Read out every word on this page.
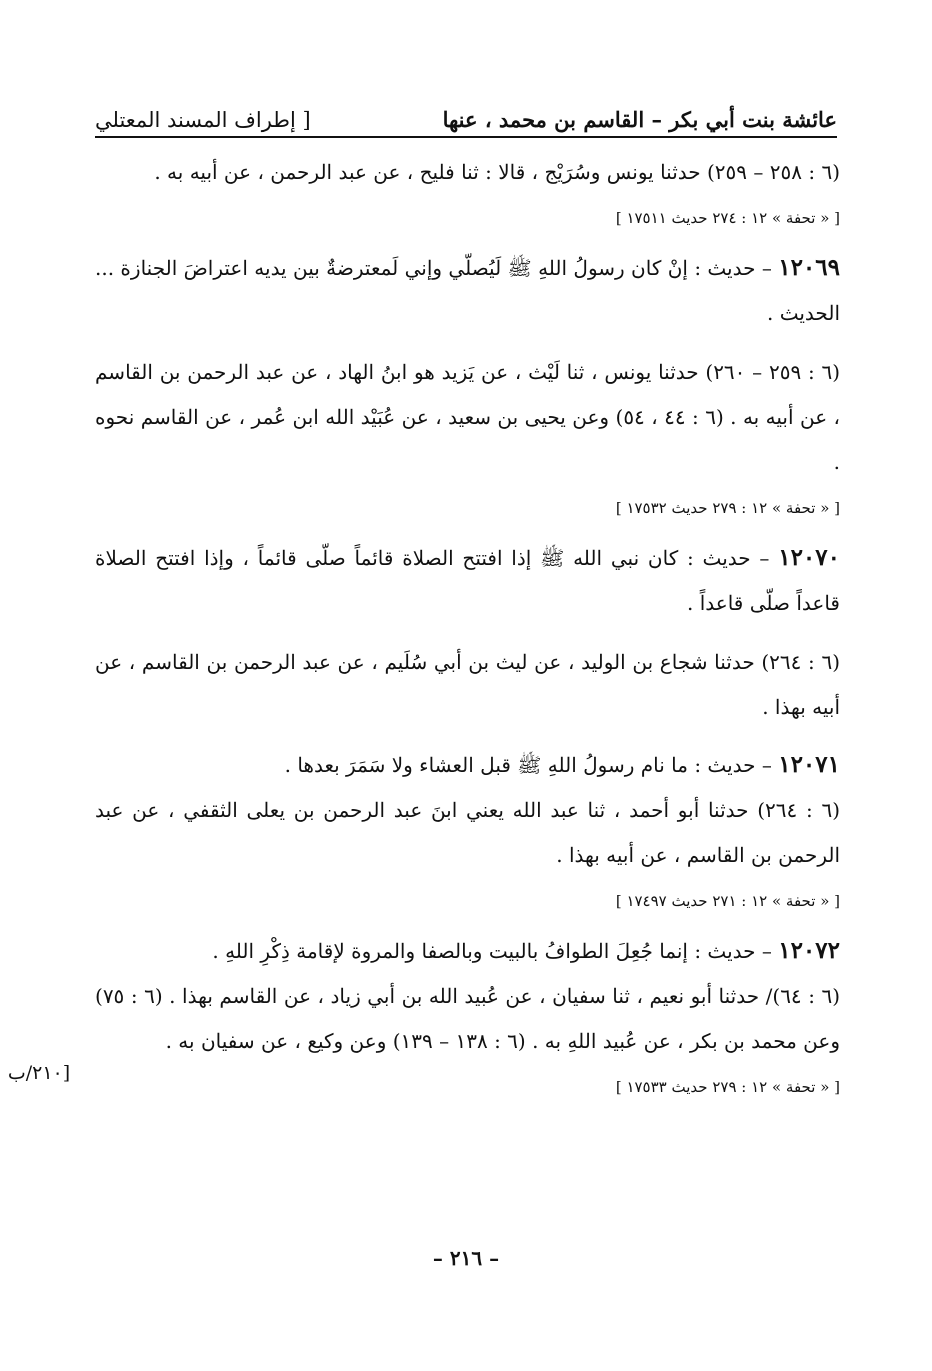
عائشة بنت أبي بكر – القاسم بن محمد ، عنها
[ إطراف المسند المعتلي

(٦ : ٢٥٨ – ٢٥٩) حدثنا يونس وسُرَيْج ، قالا : ثنا فليح ، عن عبد الرحمن ، عن أبيه به .

[ « تحفة » ١٢ : ٢٧٤ حديث ١٧٥١١ ]

١٢٠٦٩ – حديث : إنْ كان رسولُ اللهِ ﷺ لَيُصلّي وإني لَمعترضةٌ بين يديه اعتراضَ الجنازة ... الحديث .

(٦ : ٢٥٩ – ٢٦٠) حدثنا يونس ، ثنا لَيْث ، عن يَزيد هو ابنُ الهاد ، عن عبد الرحمن بن القاسم ، عن أبيه به . (٦ : ٤٤ ، ٥٤) وعن يحيى بن سعيد ، عن عُبَيْد الله ابن عُمر ، عن القاسم نحوه .

[ « تحفة » ١٢ : ٢٧٩ حديث ١٧٥٣٢ ]

١٢٠٧٠ – حديث : كان نبي الله ﷺ إذا افتتح الصلاة قائماً صلّى قائماً ، وإذا افتتح الصلاة قاعداً صلّى قاعداً .

(٦ : ٢٦٤) حدثنا شجاع بن الوليد ، عن ليث بن أبي سُلَيم ، عن عبد الرحمن بن القاسم ، عن أبيه بهذا .

١٢٠٧١ – حديث : ما نام رسولُ اللهِ ﷺ قبل العشاء ولا سَمَرَ بعدها .

(٦ : ٢٦٤) حدثنا أبو أحمد ، ثنا عبد الله يعني ابنَ عبد الرحمن بن يعلى الثقفي ، عن عبد الرحمن بن القاسم ، عن أبيه بهذا .

[ « تحفة » ١٢ : ٢٧١ حديث ١٧٤٩٧ ]

١٢٠٧٢ – حديث : إنما جُعِلَ الطوافُ بالبيت وبالصفا والمروة لإقامة ذِكْرِ اللهِ .

(٦ : ٦٤)/ حدثنا أبو نعيم ، ثنا سفيان ، عن عُبيد الله بن أبي زياد ، عن القاسم بهذا . (٦ : ٧٥) وعن محمد بن بكر ، عن عُبيد اللهِ به . (٦ : ١٣٨ – ١٣٩) وعن وكيع ، عن سفيان به .

[ « تحفة » ١٢ : ٢٧٩ حديث ١٧٥٣٣ ]
[٢١٠/ب
– ٢١٦ –
